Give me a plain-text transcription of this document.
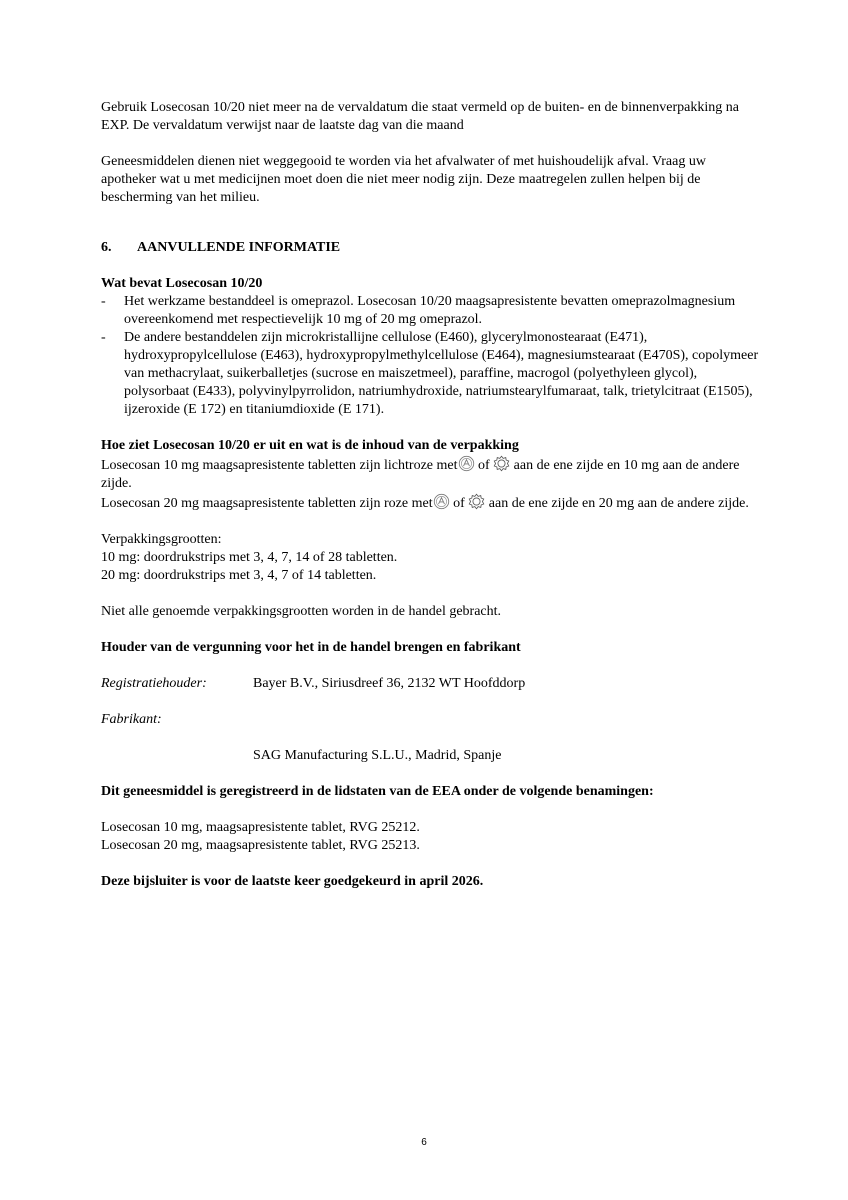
Gebruik Losecosan 10/20 niet meer na de vervaldatum die staat vermeld op de buiten- en de binnenverpakking na EXP. De vervaldatum verwijst naar de laatste dag van die maand

Geneesmiddelen dienen niet weggegooid te worden via het afvalwater of met huishoudelijk afval. Vraag uw apotheker wat u met medicijnen moet doen die niet meer nodig zijn. Deze maatregelen zullen helpen bij de bescherming van het milieu.

6.	AANVULLENDE INFORMATIE

Wat bevat Losecosan 10/20

-	Het werkzame bestanddeel is omeprazol. Losecosan 10/20 maagsapresistente bevatten omeprazolmagnesium overeenkomend met respectievelijk 10 mg of 20 mg omeprazol.
-	De andere bestanddelen zijn microkristallijne cellulose (E460), glycerylmonostearaat (E471), hydroxypropylcellulose (E463), hydroxypropylmethylcellulose (E464), magnesiumstearaat (E470S), copolymeer van methacrylaat, suikerballetjes (sucrose en maiszetmeel), paraffine, macrogol (polyethyleen glycol), polysorbaat (E433), polyvinylpyrrolidon, natriumhydroxide, natriumstearylfumaraat, talk, trietylcitraat (E1505), ijzeroxide (E 172) en titaniumdioxide (E 171).

Hoe ziet Losecosan 10/20 er uit en wat is de inhoud van de verpakking

Losecosan 10 mg maagsapresistente tabletten zijn lichtroze met of aan de ene zijde en 10 mg aan de andere zijde.

Losecosan 20 mg maagsapresistente tabletten zijn roze met of aan de ene zijde en 20 mg aan de andere zijde.

Verpakkingsgrootten:

10 mg: doordrukstrips met 3, 4, 7, 14 of 28 tabletten.

20 mg: doordrukstrips met 3, 4, 7 of 14 tabletten.

Niet alle genoemde verpakkingsgrootten worden in de handel gebracht.

Houder van de vergunning voor het in de handel brengen en fabrikant

Registratiehouder:	Bayer B.V., Siriusdreef 36, 2132 WT Hoofddorp

Fabrikant:

SAG Manufacturing S.L.U., Madrid, Spanje

Dit geneesmiddel is geregistreerd in de lidstaten van de EEA onder de volgende benamingen:

Losecosan 10 mg, maagsapresistente tablet, RVG 25212.

Losecosan 20 mg, maagsapresistente tablet, RVG 25213.

Deze bijsluiter is voor de laatste keer goedgekeurd in april 2026.

6
